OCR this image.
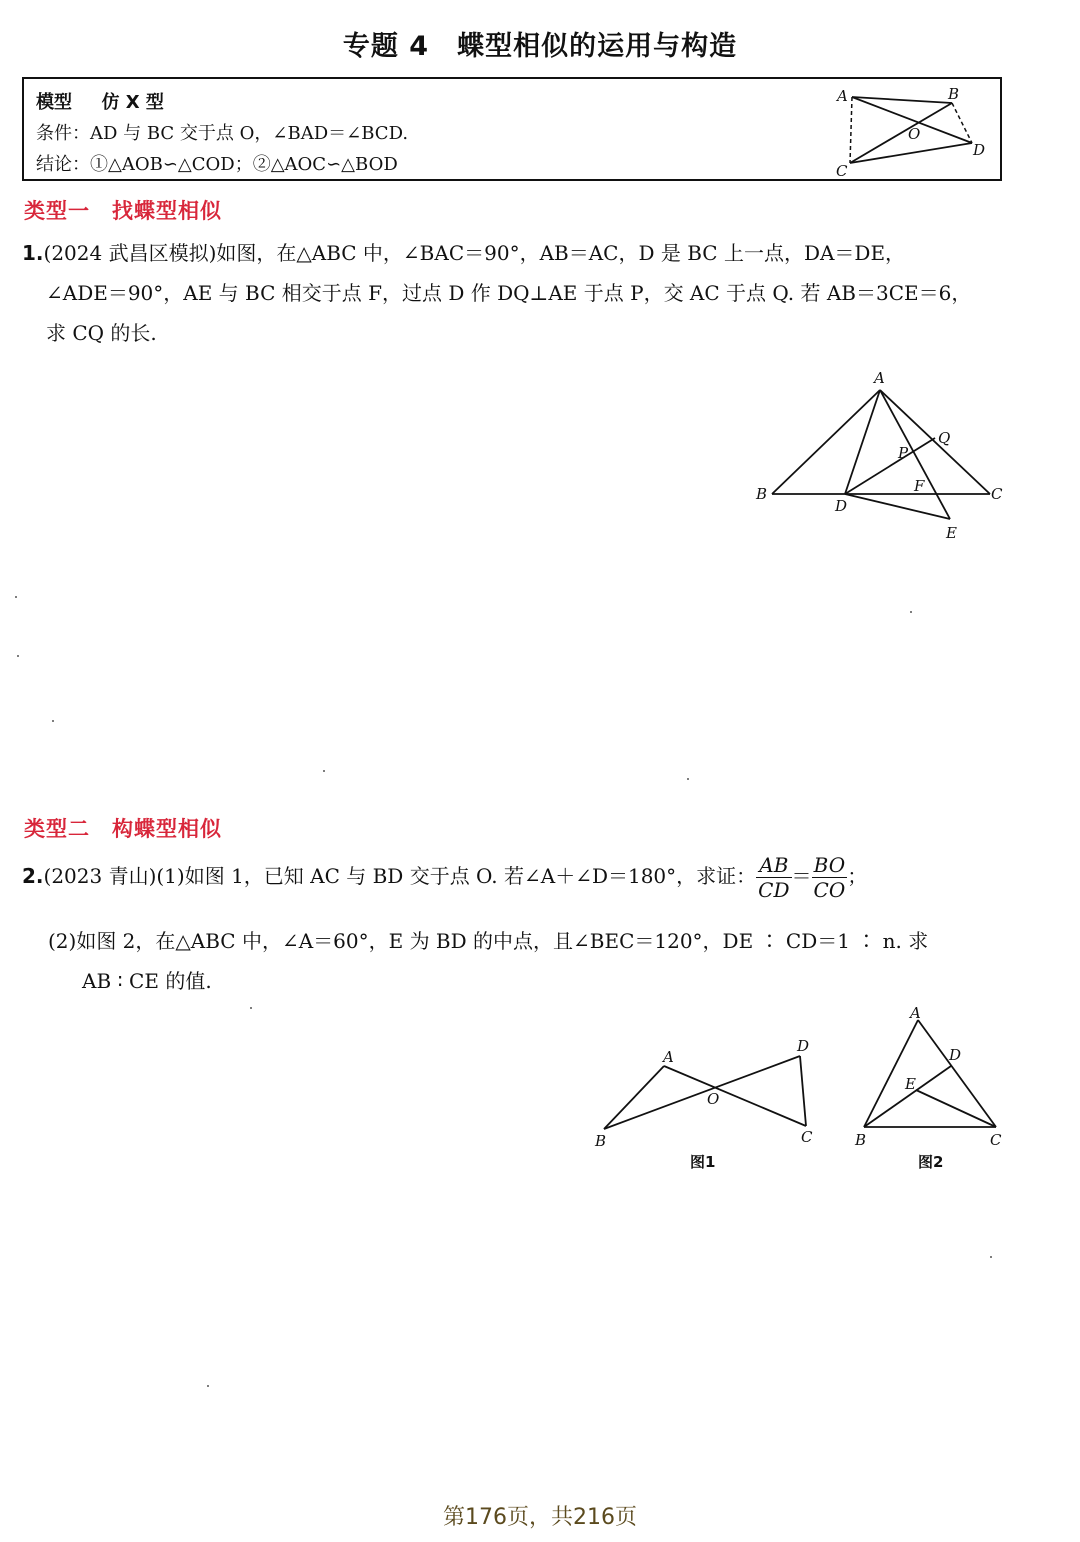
专题 4 蝶型相似的运用与构造
模型 仿 X 型
条件：AD 与 BC 交于点 O，∠BAD＝∠BCD.
结论：①△AOB∽△COD；②△AOC∽△BOD
A	B
O
D
C
类型一 找蝶型相似
1.(2024 武昌区模拟)如图，在△ABC 中，∠BAC＝90°，AB＝AC，D 是 BC 上一点，DA＝DE，
∠ADE＝90°，AE 与 BC 相交于点 F，过点 D 作 DQ⊥AE 于点 P，交 AC 于点 Q. 若 AB＝3CE＝6，
求 CQ 的长.
A
Q
P
F
B
D
C
E
类型二 构蝶型相似
2.(2023 青山)(1)如图 1，已知 AC 与 BD 交于点 O. 若∠A＋∠D＝180°，求证： $\frac{AB}{CD} = \frac{BO}{CO}$ ；
(2)如图 2，在△ABC 中，∠A＝60°，E 为 BD 的中点，且∠BEC＝120°，DE ∶ CD＝1 ∶ n. 求
AB ∶ CE 的值.
A
D
O
B	C
图1
A
D
E
B	C
图2
第176页，共216页
